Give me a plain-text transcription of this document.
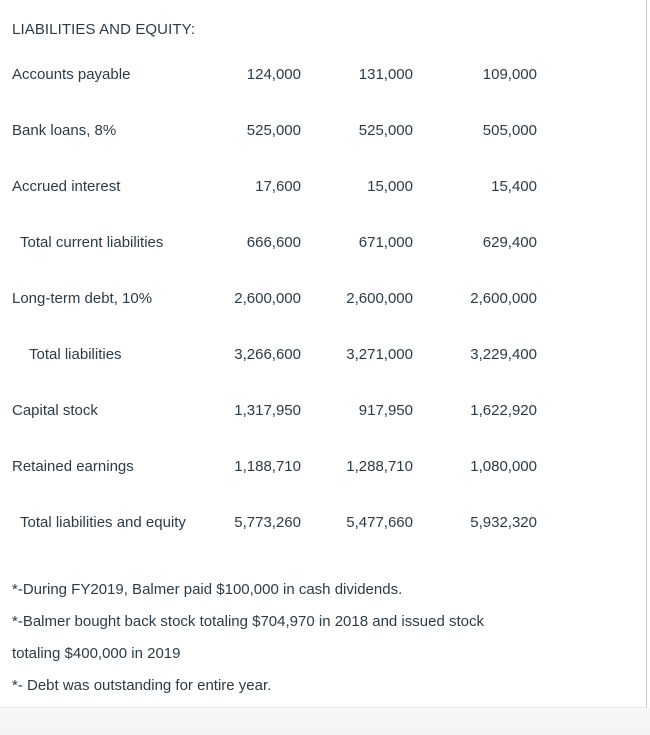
LIABILITIES AND EQUITY:
Accounts payable	124,000	131,000	109,000
Bank loans, 8%	525,000	525,000	505,000
Accrued interest	17,600	15,000	15,400
Total current liabilities	666,600	671,000	629,400
Long-term debt, 10%	2,600,000	2,600,000	2,600,000
Total liabilities	3,266,600	3,271,000	3,229,400
Capital stock	1,317,950	917,950	1,622,920
Retained earnings	1,188,710	1,288,710	1,080,000
Total liabilities and equity	5,773,260	5,477,660	5,932,320
*-During FY2019, Balmer paid $100,000 in cash dividends.
*-Balmer bought back stock totaling $704,970 in 2018 and issued stock
totaling $400,000 in 2019
*- Debt was outstanding for entire year.
